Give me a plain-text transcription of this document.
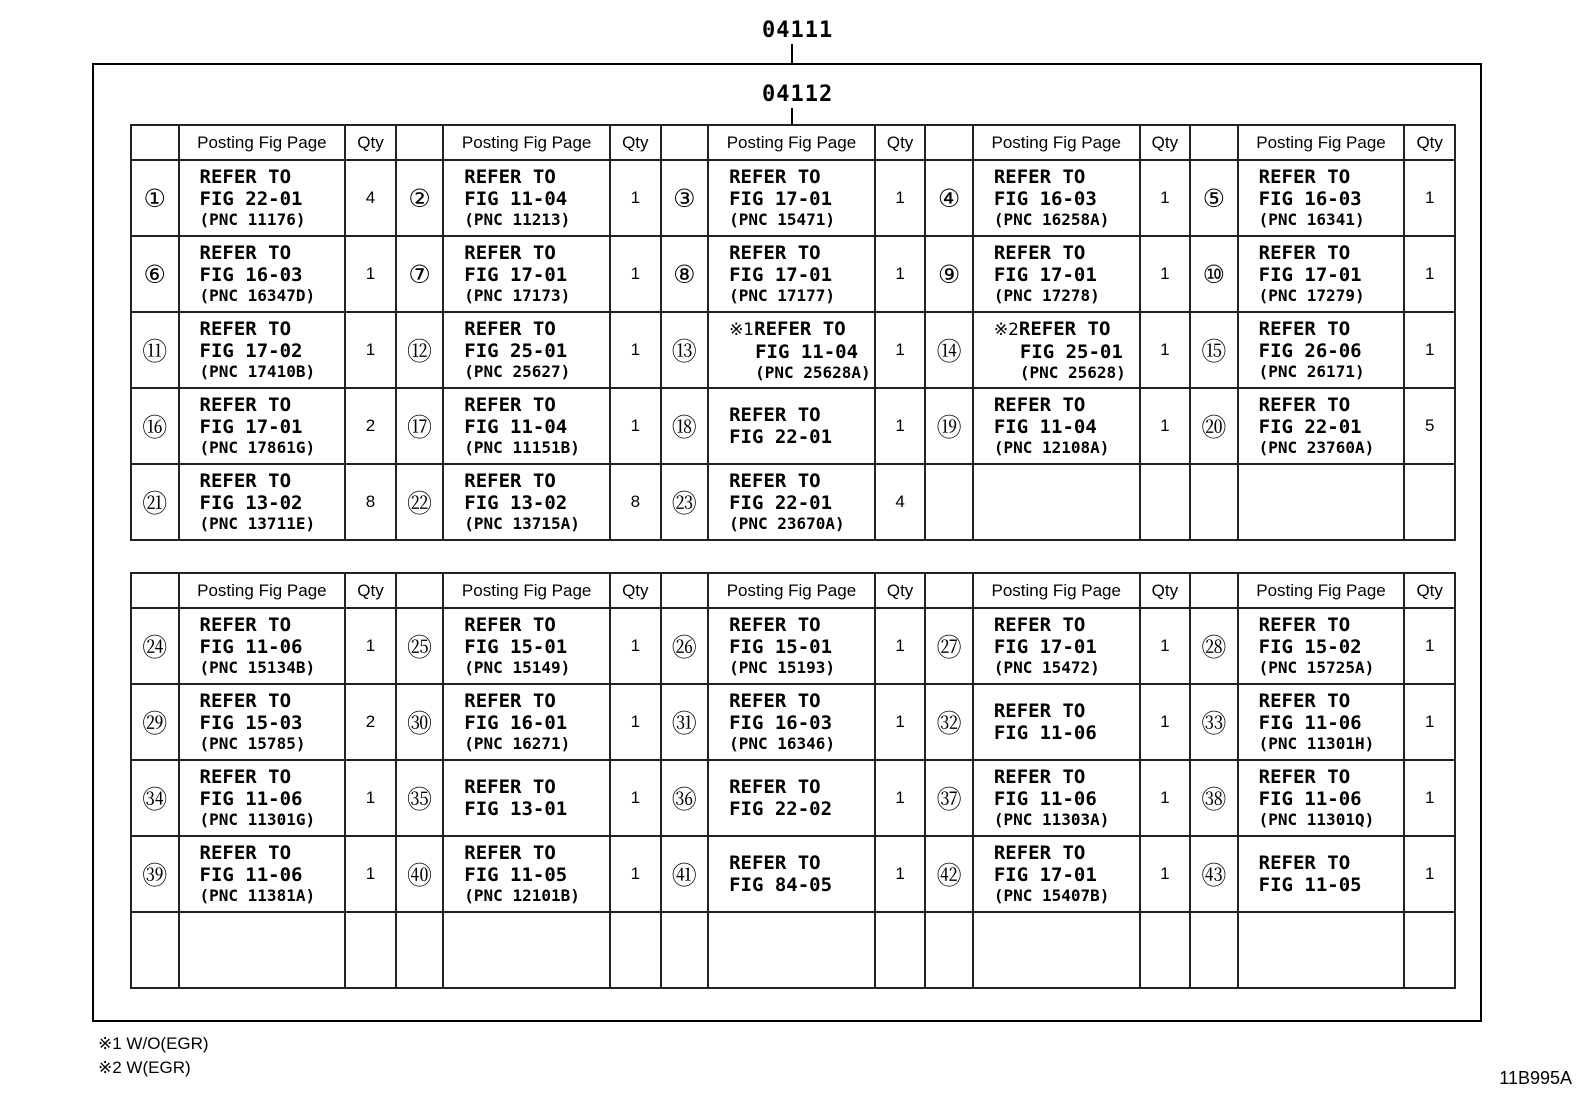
04111
04112
	Posting Fig Page	Qty		Posting Fig Page	Qty		Posting Fig Page	Qty		Posting Fig Page	Qty		Posting Fig Page	Qty
①	REFER TO
FIG 22-01
(PNC 11176)	4	②	REFER TO
FIG 11-04
(PNC 11213)	1	③	REFER TO
FIG 17-01
(PNC 15471)	1	④	REFER TO
FIG 16-03
(PNC 16258A)	1	⑤	REFER TO
FIG 16-03
(PNC 16341)	1
⑥	REFER TO
FIG 16-03
(PNC 16347D)	1	⑦	REFER TO
FIG 17-01
(PNC 17173)	1	⑧	REFER TO
FIG 17-01
(PNC 17177)	1	⑨	REFER TO
FIG 17-01
(PNC 17278)	1	⑩	REFER TO
FIG 17-01
(PNC 17279)	1
⑪	REFER TO
FIG 17-02
(PNC 17410B)	1	⑫	REFER TO
FIG 25-01
(PNC 25627)	1	⑬	※1REFER TO
FIG 11-04
(PNC 25628A)	1	⑭	※2REFER TO
FIG 25-01
(PNC 25628)	1	⑮	REFER TO
FIG 26-06
(PNC 26171)	1
⑯	REFER TO
FIG 17-01
(PNC 17861G)	2	⑰	REFER TO
FIG 11-04
(PNC 11151B)	1	⑱	REFER TO
FIG 22-01	1	⑲	REFER TO
FIG 11-04
(PNC 12108A)	1	⑳	REFER TO
FIG 22-01
(PNC 23760A)	5
㉑	REFER TO
FIG 13-02
(PNC 13711E)	8	㉒	REFER TO
FIG 13-02
(PNC 13715A)	8	㉓	REFER TO
FIG 22-01
(PNC 23670A)	4		

	Posting Fig Page	Qty		Posting Fig Page	Qty		Posting Fig Page	Qty		Posting Fig Page	Qty		Posting Fig Page	Qty
㉔	REFER TO
FIG 11-06
(PNC 15134B)	1	㉕	REFER TO
FIG 15-01
(PNC 15149)	1	㉖	REFER TO
FIG 15-01
(PNC 15193)	1	㉗	REFER TO
FIG 17-01
(PNC 15472)	1	㉘	REFER TO
FIG 15-02
(PNC 15725A)	1
㉙	REFER TO
FIG 15-03
(PNC 15785)	2	㉚	REFER TO
FIG 16-01
(PNC 16271)	1	㉛	REFER TO
FIG 16-03
(PNC 16346)	1	㉜	REFER TO
FIG 11-06	1	㉝	REFER TO
FIG 11-06
(PNC 11301H)	1
㉞	REFER TO
FIG 11-06
(PNC 11301G)	1	㉟	REFER TO
FIG 13-01	1	㊱	REFER TO
FIG 22-02	1	㊲	REFER TO
FIG 11-06
(PNC 11303A)	1	㊳	REFER TO
FIG 11-06
(PNC 11301Q)	1
㊴	REFER TO
FIG 11-06
(PNC 11381A)	1	㊵	REFER TO
FIG 11-05
(PNC 12101B)	1	㊶	REFER TO
FIG 84-05	1	㊷	REFER TO
FIG 17-01
(PNC 15407B)	1	㊸	REFER TO
FIG 11-05	1

※1 W/O(EGR)
※2 W(EGR)
11B995A
